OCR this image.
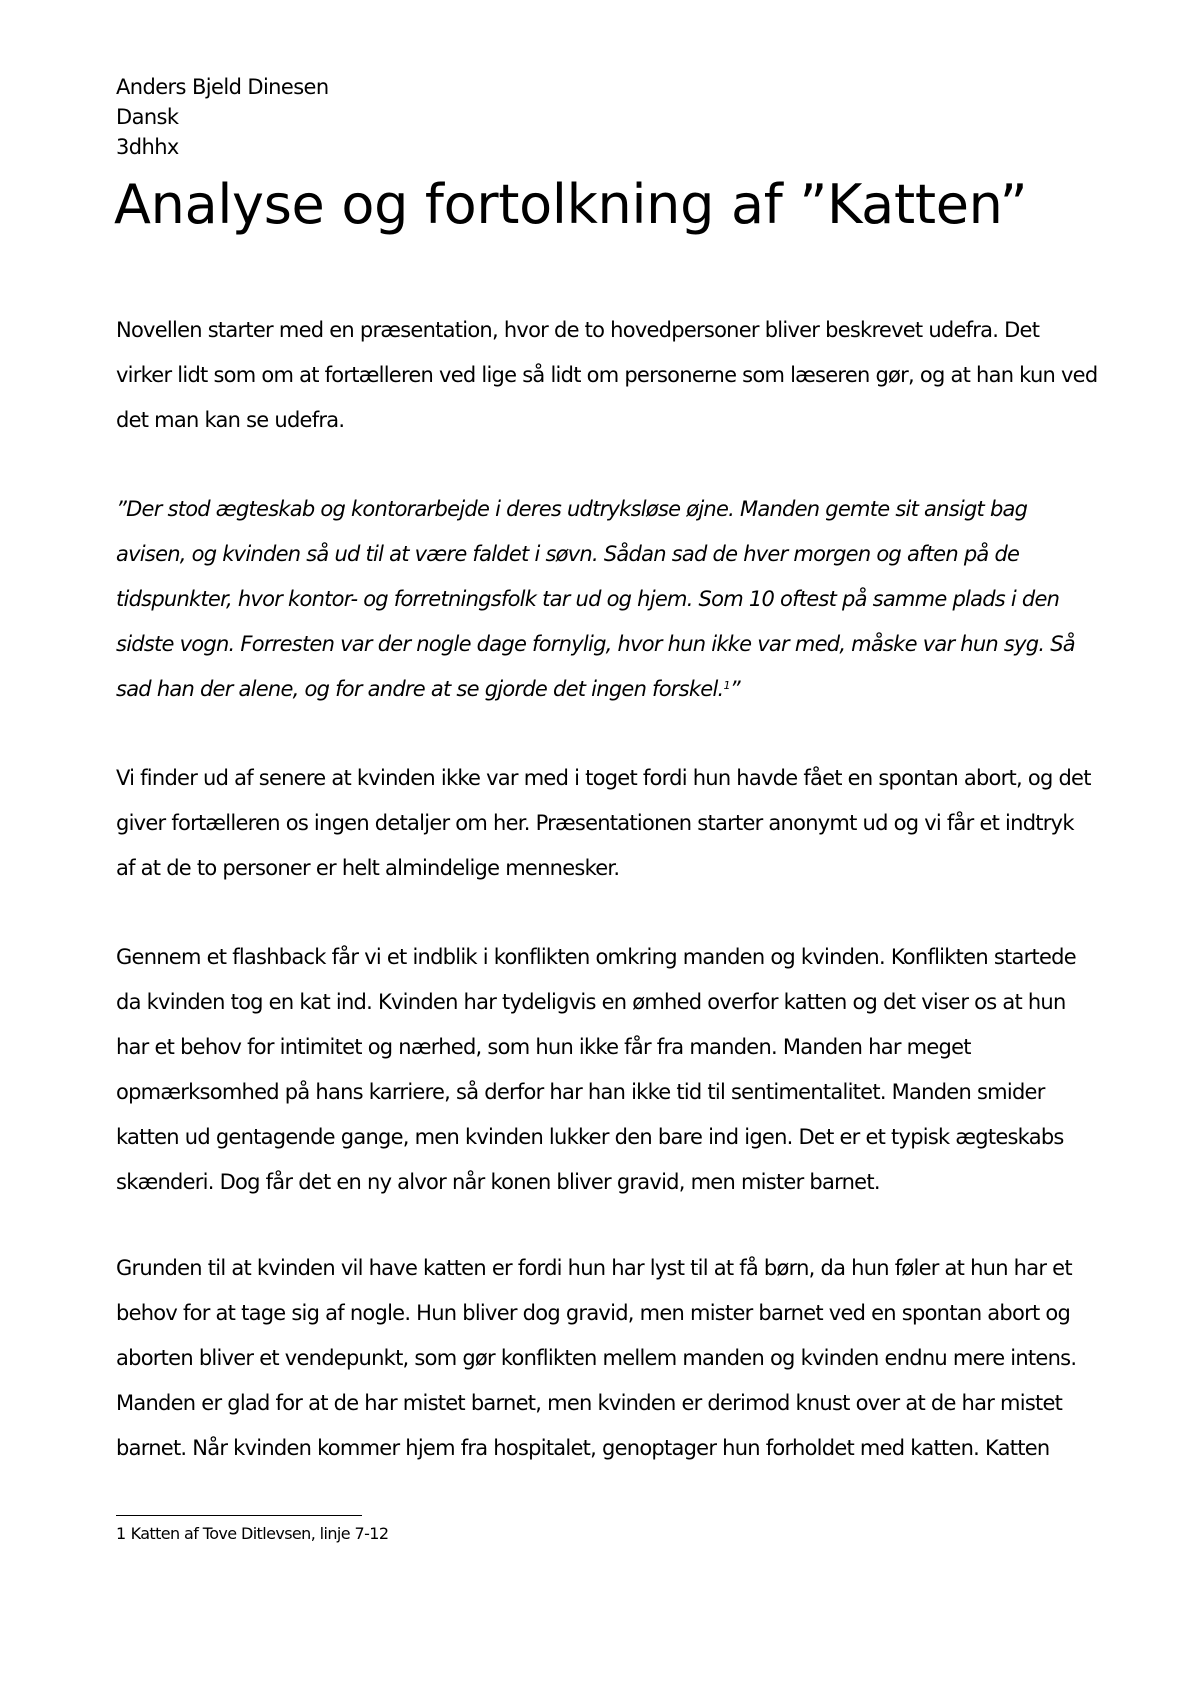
Anders Bjeld Dinesen
Dansk
3dhhx
Analyse og fortolkning af ”Katten”
Novellen starter med en præsentation, hvor de to hovedpersoner bliver beskrevet udefra. Det
virker lidt som om at fortælleren ved lige så lidt om personerne som læseren gør, og at han kun ved
det man kan se udefra.
”Der stod ægteskab og kontorarbejde i deres udtryksløse øjne. Manden gemte sit ansigt bag
avisen, og kvinden så ud til at være faldet i søvn. Sådan sad de hver morgen og aften på de
tidspunkter, hvor kontor- og forretningsfolk tar ud og hjem. Som 10 oftest på samme plads i den
sidste vogn. Forresten var der nogle dage fornylig, hvor hun ikke var med, måske var hun syg. Så
sad han der alene, og for andre at se gjorde det ingen forskel.$^1$”
Vi finder ud af senere at kvinden ikke var med i toget fordi hun havde fået en spontan abort, og det
giver fortælleren os ingen detaljer om her. Præsentationen starter anonymt ud og vi får et indtryk
af at de to personer er helt almindelige mennesker.
Gennem et flashback får vi et indblik i konflikten omkring manden og kvinden. Konflikten startede
da kvinden tog en kat ind. Kvinden har tydeligvis en ømhed overfor katten og det viser os at hun
har et behov for intimitet og nærhed, som hun ikke får fra manden. Manden har meget
opmærksomhed på hans karriere, så derfor har han ikke tid til sentimentalitet. Manden smider
katten ud gentagende gange, men kvinden lukker den bare ind igen. Det er et typisk ægteskabs
skænderi. Dog får det en ny alvor når konen bliver gravid, men mister barnet.
Grunden til at kvinden vil have katten er fordi hun har lyst til at få børn, da hun føler at hun har et
behov for at tage sig af nogle. Hun bliver dog gravid, men mister barnet ved en spontan abort og
aborten bliver et vendepunkt, som gør konflikten mellem manden og kvinden endnu mere intens.
Manden er glad for at de har mistet barnet, men kvinden er derimod knust over at de har mistet
barnet. Når kvinden kommer hjem fra hospitalet, genoptager hun forholdet med katten. Katten
1 Katten af Tove Ditlevsen, linje 7-12
